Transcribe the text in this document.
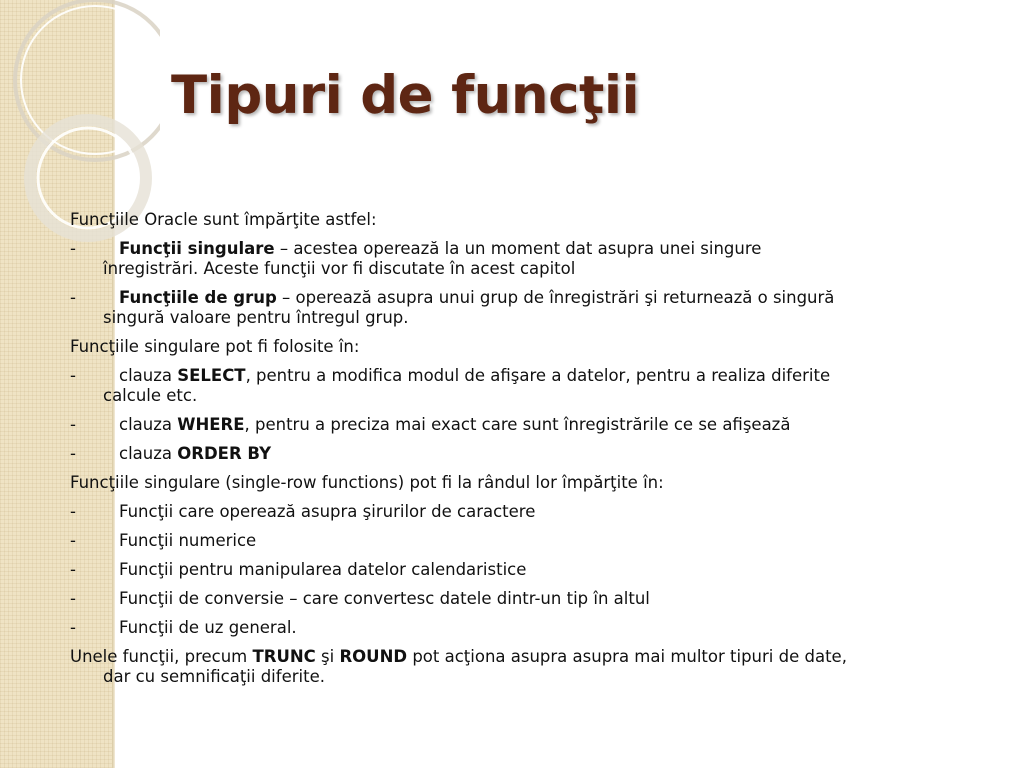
Tipuri de funcţii
Funcţiile Oracle sunt împărţite astfel:
-	Funcţii singulare – acestea operează la un moment dat asupra unei singure
înregistrări. Aceste funcţii vor fi discutate în acest capitol
-	Funcţiile de grup – operează asupra unui grup de înregistrări şi returnează o singură
singură valoare pentru întregul grup.
Funcţiile singulare pot fi folosite în:
-	clauza SELECT, pentru a modifica modul de afişare a datelor, pentru a realiza diferite
calcule etc.
-	clauza WHERE, pentru a preciza mai exact care sunt înregistrările ce se afişează
-	clauza ORDER BY
Funcţiile singulare (single-row functions) pot fi la rândul lor împărţite în:
-	Funcţii care operează asupra şirurilor de caractere
-	Funcţii numerice
-	Funcţii pentru manipularea datelor calendaristice
-	Funcţii de conversie – care convertesc datele dintr-un tip în altul
-	Funcţii de uz general.
Unele funcţii, precum TRUNC şi ROUND pot acţiona asupra asupra mai multor tipuri de date,
dar cu semnificaţii diferite.
